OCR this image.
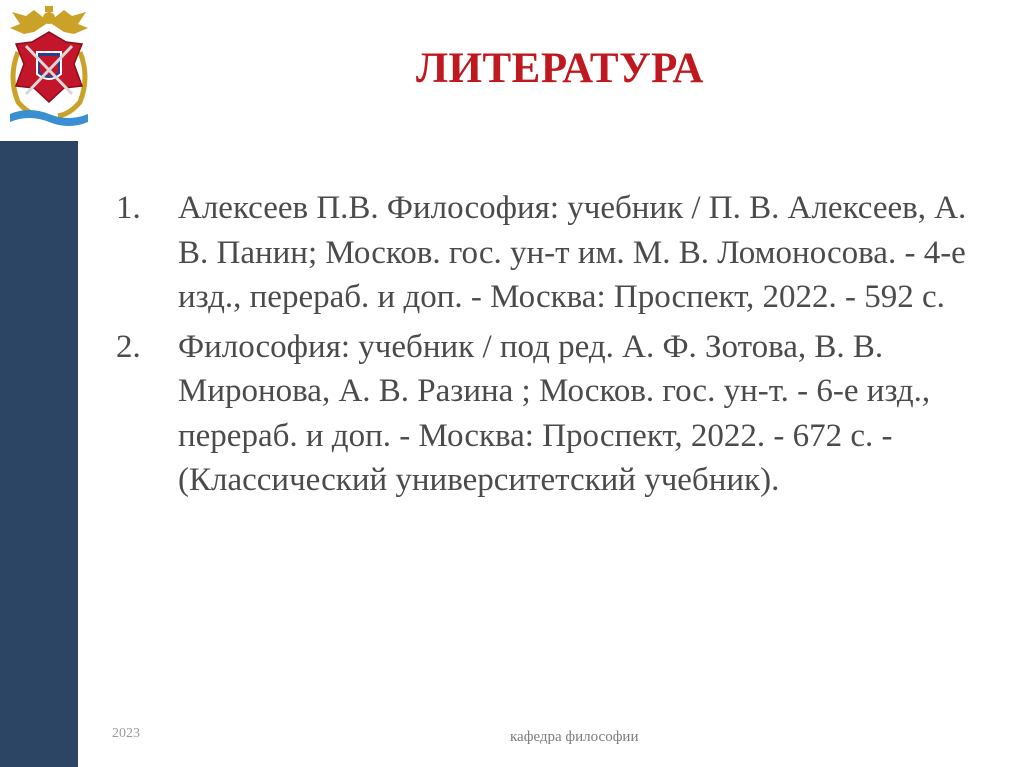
ЛИТЕРАТУРА
1. Алексеев П.В. Философия: учебник / П. В. Алексеев, А. В. Панин; Москов. гос. ун-т им. М. В. Ломоносова. - 4-е изд., перераб. и доп. - Москва: Проспект, 2022. - 592 с.
2. Философия: учебник / под ред. А. Ф. Зотова, В. В. Миронова, А. В. Разина ; Москов. гос. ун-т. - 6-е изд., перераб. и доп. - Москва: Проспект, 2022. - 672 с. - (Классический университетский учебник).
2023	кафедра философии
